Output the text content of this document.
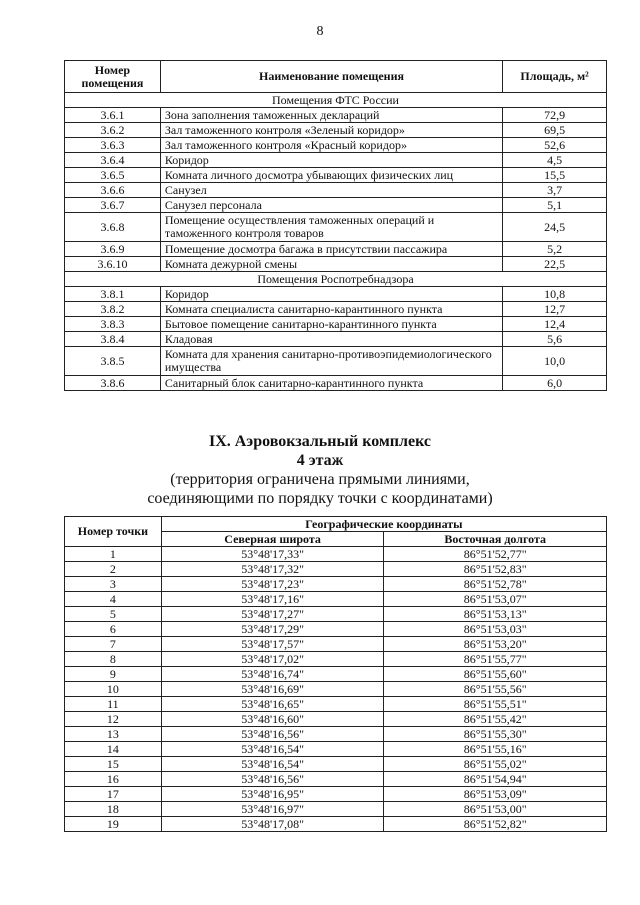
8
Номер помещения	Наименование помещения	Площадь, м²
Помещения ФТС России		
3.6.1	Зона заполнения таможенных деклараций	72,9
3.6.2	Зал таможенного контроля «Зеленый коридор»	69,5
3.6.3	Зал таможенного контроля «Красный коридор»	52,6
3.6.4	Коридор	4,5
3.6.5	Комната личного досмотра убывающих физических лиц	15,5
3.6.6	Санузел	3,7
3.6.7	Санузел персонала	5,1
3.6.8	Помещение осуществления таможенных операций и таможенного контроля товаров	24,5
3.6.9	Помещение досмотра багажа в присутствии пассажира	5,2
3.6.10	Комната дежурной смены	22,5
Помещения Роспотребнадзора		
3.8.1	Коридор	10,8
3.8.2	Комната специалиста санитарно-карантинного пункта	12,7
3.8.3	Бытовое помещение санитарно-карантинного пункта	12,4
3.8.4	Кладовая	5,6
3.8.5	Комната для хранения санитарно-противоэпидемиологического имущества	10,0
3.8.6	Санитарный блок санитарно-карантинного пункта	6,0
IX. Аэровокзальный комплекс
4 этаж
(территория ограничена прямыми линиями,
соединяющими по порядку точки с координатами)
Номер точки	Географические координаты	
	Северная широта	Восточная долгота
1	53°48'17,33"	86°51'52,77"
2	53°48'17,32"	86°51'52,83"
3	53°48'17,23"	86°51'52,78"
4	53°48'17,16"	86°51'53,07"
5	53°48'17,27"	86°51'53,13"
6	53°48'17,29"	86°51'53,03"
7	53°48'17,57"	86°51'53,20"
8	53°48'17,02"	86°51'55,77"
9	53°48'16,74"	86°51'55,60"
10	53°48'16,69"	86°51'55,56"
11	53°48'16,65"	86°51'55,51"
12	53°48'16,60"	86°51'55,42"
13	53°48'16,56"	86°51'55,30"
14	53°48'16,54"	86°51'55,16"
15	53°48'16,54"	86°51'55,02"
16	53°48'16,56"	86°51'54,94"
17	53°48'16,95"	86°51'53,09"
18	53°48'16,97"	86°51'53,00"
19	53°48'17,08"	86°51'52,82"
